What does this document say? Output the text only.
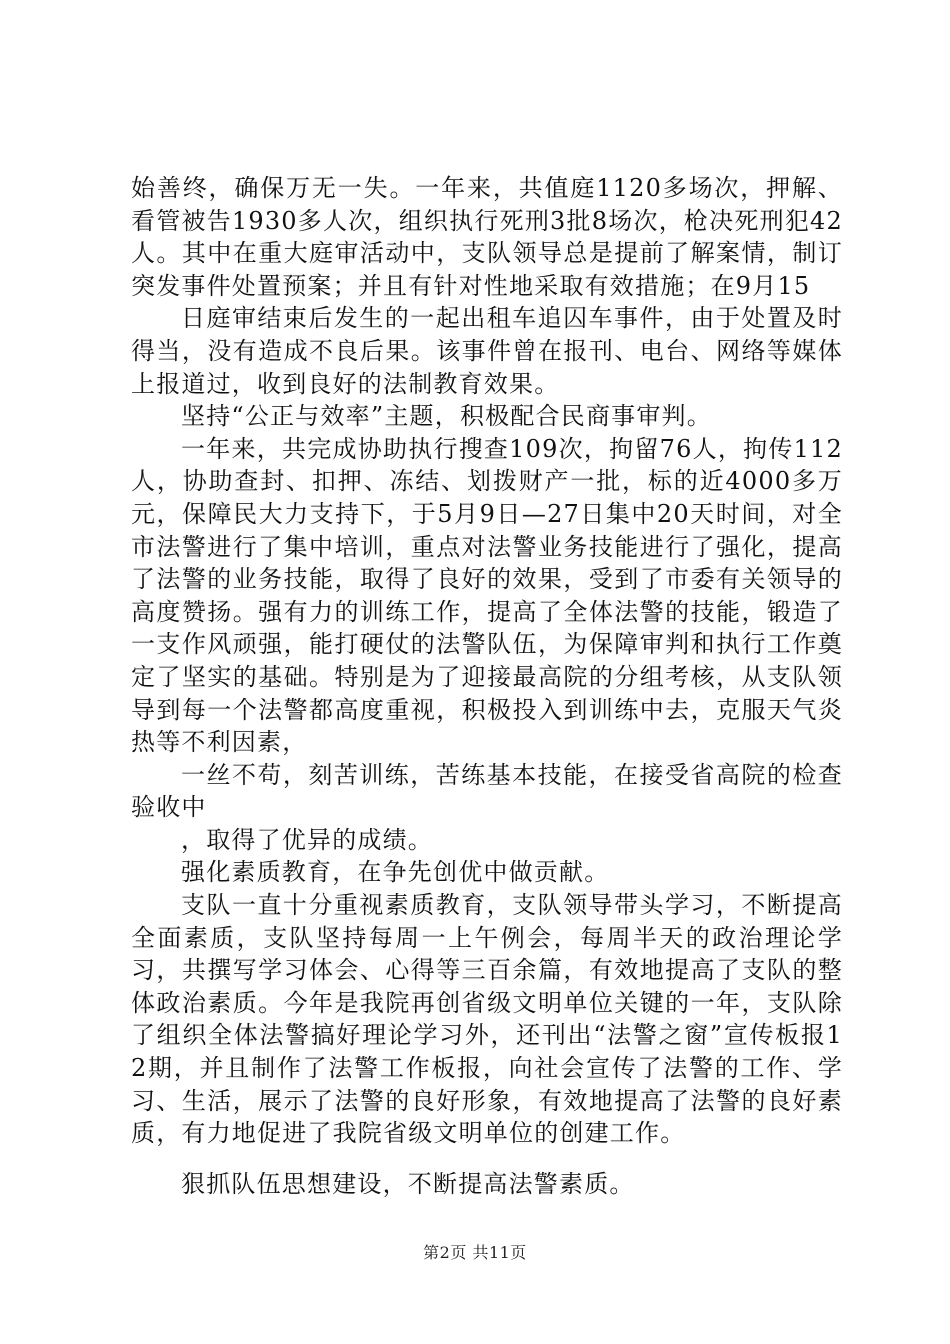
始善终，确保万无一失。一年来，共值庭1120多场次，押解、看管被告1930多人次，组织执行死刑3批8场次，枪决死刑犯42人。其中在重大庭审活动中，支队领导总是提前了解案情，制订突发事件处置预案；并且有针对性地采取有效措施；在9月15

日庭审结束后发生的一起出租车追囚车事件，由于处置及时得当，没有造成不良后果。该事件曾在报刊、电台、网络等媒体上报道过，收到良好的法制教育效果。

坚持“公正与效率”主题，积极配合民商事审判。

一年来，共完成协助执行搜查109次，拘留76人，拘传112人，协助查封、扣押、冻结、划拨财产一批，标的近4000多万元，保障民大力支持下，于5月9日—27日集中20天时间，对全市法警进行了集中培训，重点对法警业务技能进行了强化，提高了法警的业务技能，取得了良好的效果，受到了市委有关领导的高度赞扬。强有力的训练工作，提高了全体法警的技能，锻造了一支作风顽强，能打硬仗的法警队伍，为保障审判和执行工作奠定了坚实的基础。特别是为了迎接最高院的分组考核，从支队领导到每一个法警都高度重视，积极投入到训练中去，克服天气炎热等不利因素，

一丝不苟，刻苦训练，苦练基本技能，在接受省高院的检查验收中

，取得了优异的成绩。

强化素质教育，在争先创优中做贡献。

支队一直十分重视素质教育，支队领导带头学习，不断提高全面素质，支队坚持每周一上午例会，每周半天的政治理论学习，共撰写学习体会、心得等三百余篇，有效地提高了支队的整体政治素质。今年是我院再创省级文明单位关键的一年，支队除了组织全体法警搞好理论学习外，还刊出“法警之窗”宣传板报12期，并且制作了法警工作板报，向社会宣传了法警的工作、学习、生活，展示了法警的良好形象，有效地提高了法警的良好素质，有力地促进了我院省级文明单位的创建工作。

狠抓队伍思想建设，不断提高法警素质。

第2页 共11页
